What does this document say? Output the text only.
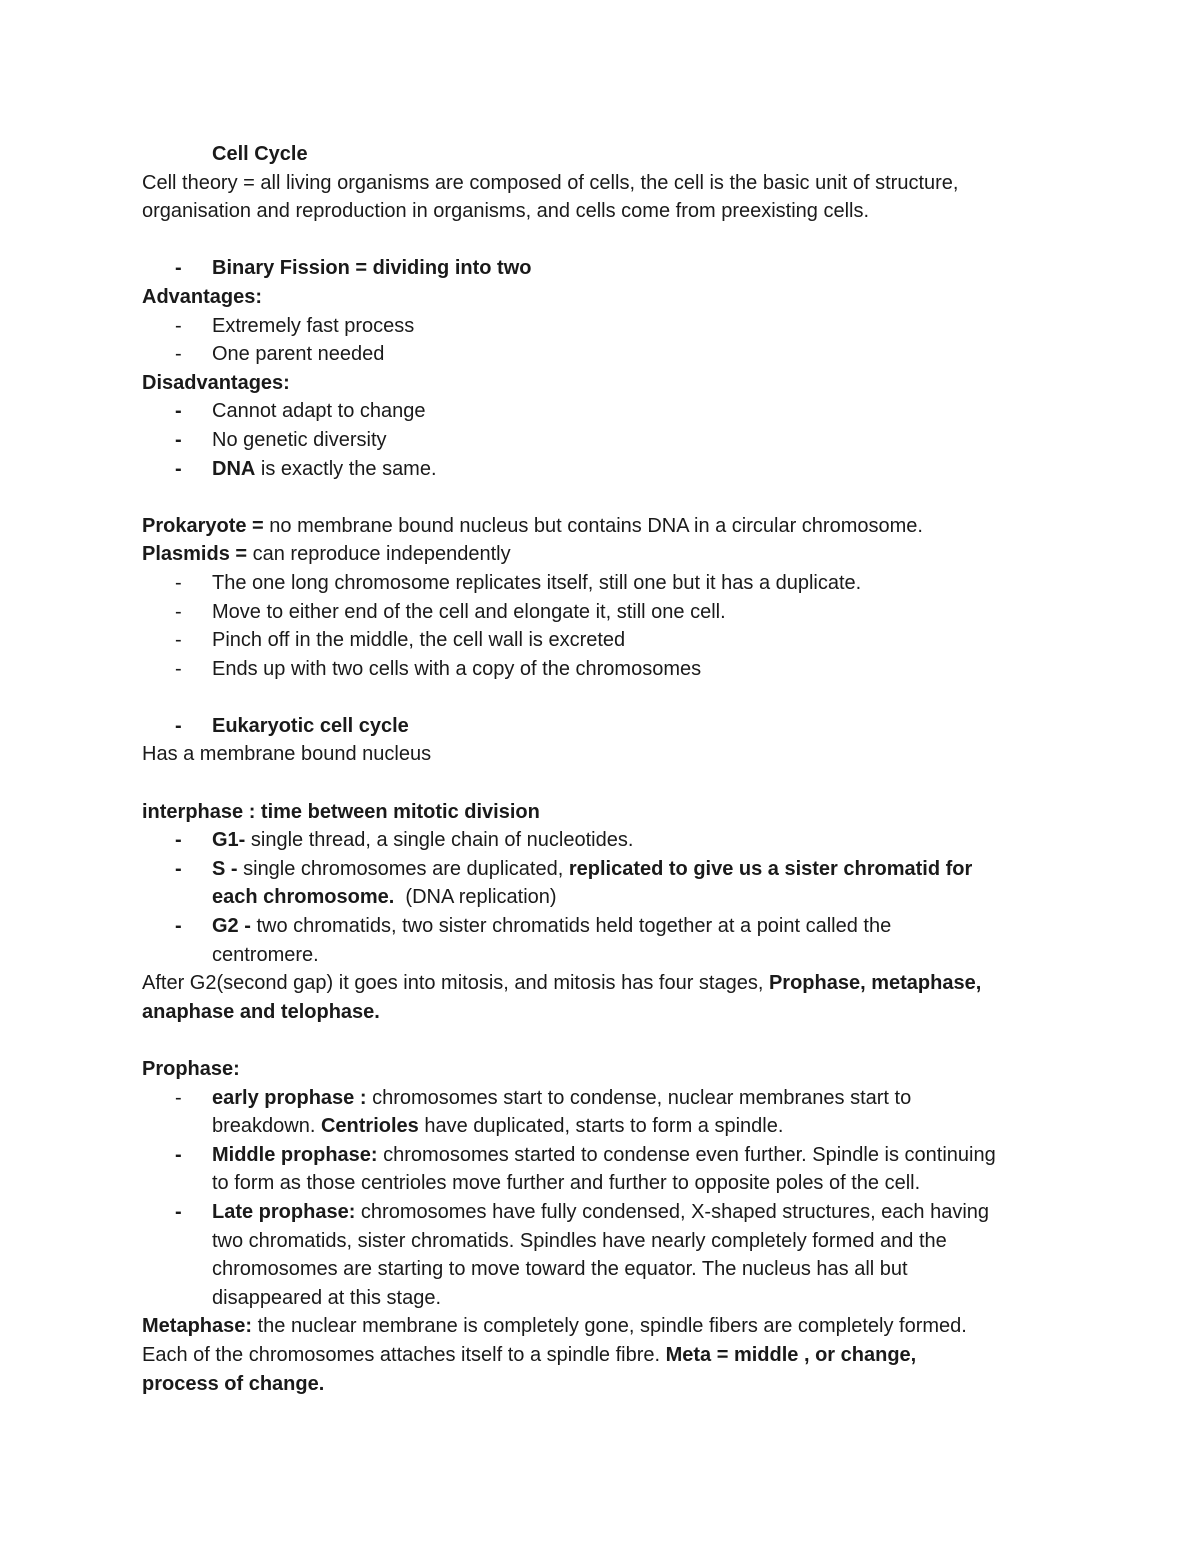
Cell Cycle
Cell theory = all living organisms are composed of cells, the cell is the basic unit of structure,
organisation and reproduction in organisms, and cells come from preexisting cells.
- Binary Fission = dividing into two
Advantages:
- Extremely fast process
- One parent needed
Disadvantages:
- Cannot adapt to change
- No genetic diversity
- DNA is exactly the same.
Prokaryote = no membrane bound nucleus but contains DNA in a circular chromosome.
Plasmids = can reproduce independently
- The one long chromosome replicates itself, still one but it has a duplicate.
- Move to either end of the cell and elongate it, still one cell.
- Pinch off in the middle, the cell wall is excreted
- Ends up with two cells with a copy of the chromosomes
- Eukaryotic cell cycle
Has a membrane bound nucleus
interphase : time between mitotic division
- G1- single thread, a single chain of nucleotides.
- S - single chromosomes are duplicated, replicated to give us a sister chromatid for
each chromosome.  (DNA replication)
- G2 - two chromatids, two sister chromatids held together at a point called the
centromere.
After G2(second gap) it goes into mitosis, and mitosis has four stages, Prophase, metaphase,
anaphase and telophase.
Prophase:
- early prophase : chromosomes start to condense, nuclear membranes start to
breakdown. Centrioles have duplicated, starts to form a spindle.
- Middle prophase: chromosomes started to condense even further. Spindle is continuing
to form as those centrioles move further and further to opposite poles of the cell.
- Late prophase: chromosomes have fully condensed, X-shaped structures, each having
two chromatids, sister chromatids. Spindles have nearly completely formed and the
chromosomes are starting to move toward the equator. The nucleus has all but
disappeared at this stage.
Metaphase: the nuclear membrane is completely gone, spindle fibers are completely formed.
Each of the chromosomes attaches itself to a spindle fibre. Meta = middle , or change,
process of change.
